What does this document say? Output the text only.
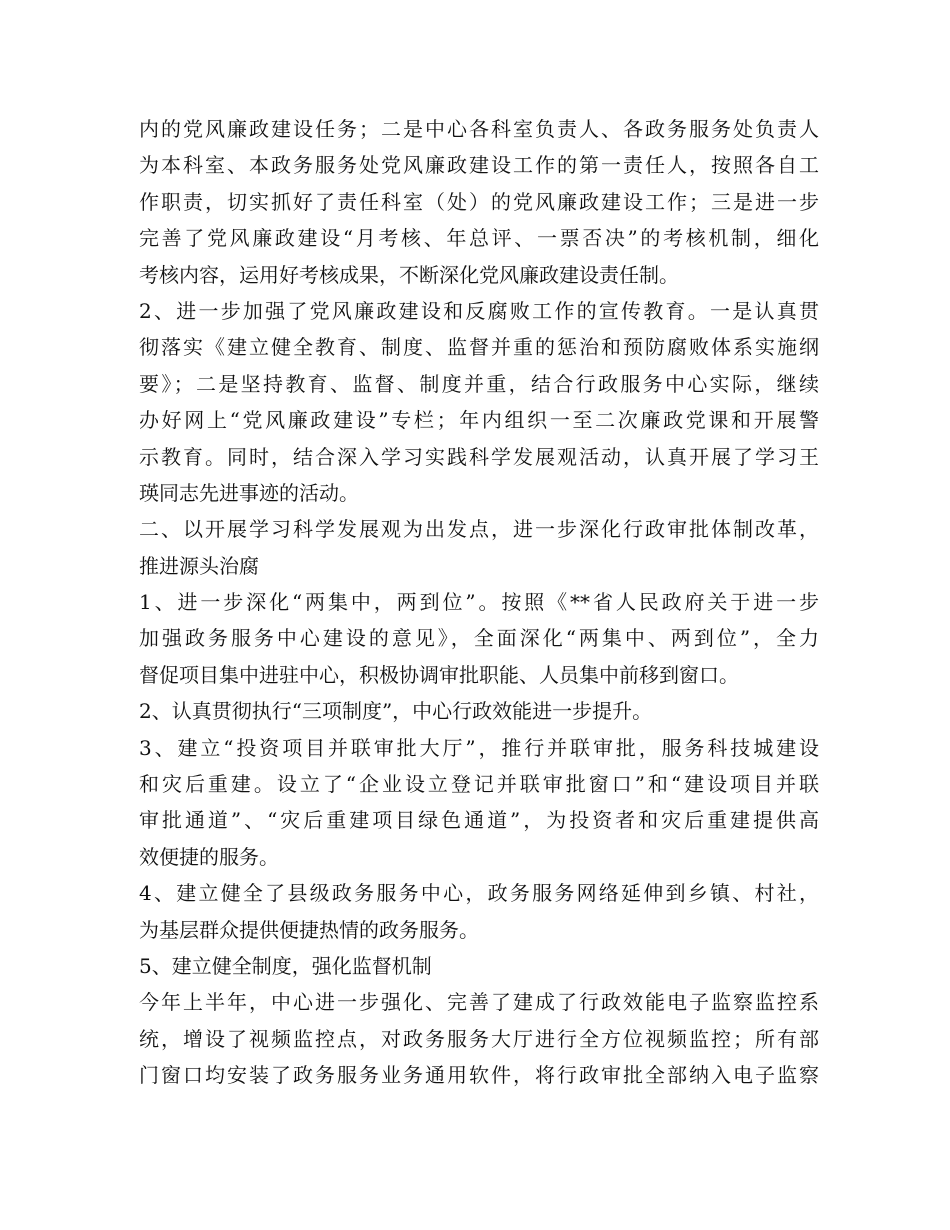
内的党风廉政建设任务；二是中心各科室负责人、各政务服务处负责人
为本科室、本政务服务处党风廉政建设工作的第一责任人，按照各自工
作职责，切实抓好了责任科室（处）的党风廉政建设工作；三是进一步
完善了党风廉政建设“月考核、年总评、一票否决”的考核机制，细化
考核内容，运用好考核成果，不断深化党风廉政建设责任制。
2、进一步加强了党风廉政建设和反腐败工作的宣传教育。一是认真贯
彻落实《建立健全教育、制度、监督并重的惩治和预防腐败体系实施纲
要》；二是坚持教育、监督、制度并重，结合行政服务中心实际，继续
办好网上“党风廉政建设”专栏；年内组织一至二次廉政党课和开展警
示教育。同时，结合深入学习实践科学发展观活动，认真开展了学习王
瑛同志先进事迹的活动。
二、以开展学习科学发展观为出发点，进一步深化行政审批体制改革，
推进源头治腐
1、进一步深化“两集中，两到位”。按照《**省人民政府关于进一步
加强政务服务中心建设的意见》，全面深化“两集中、两到位”，全力
督促项目集中进驻中心，积极协调审批职能、人员集中前移到窗口。
2、认真贯彻执行“三项制度”，中心行政效能进一步提升。
3、建立“投资项目并联审批大厅”，推行并联审批，服务科技城建设
和灾后重建。设立了“企业设立登记并联审批窗口”和“建设项目并联
审批通道”、“灾后重建项目绿色通道”，为投资者和灾后重建提供高
效便捷的服务。
4、建立健全了县级政务服务中心，政务服务网络延伸到乡镇、村社，
为基层群众提供便捷热情的政务服务。
5、建立健全制度，强化监督机制
今年上半年，中心进一步强化、完善了建成了行政效能电子监察监控系
统，增设了视频监控点，对政务服务大厅进行全方位视频监控；所有部
门窗口均安装了政务服务业务通用软件，将行政审批全部纳入电子监察
